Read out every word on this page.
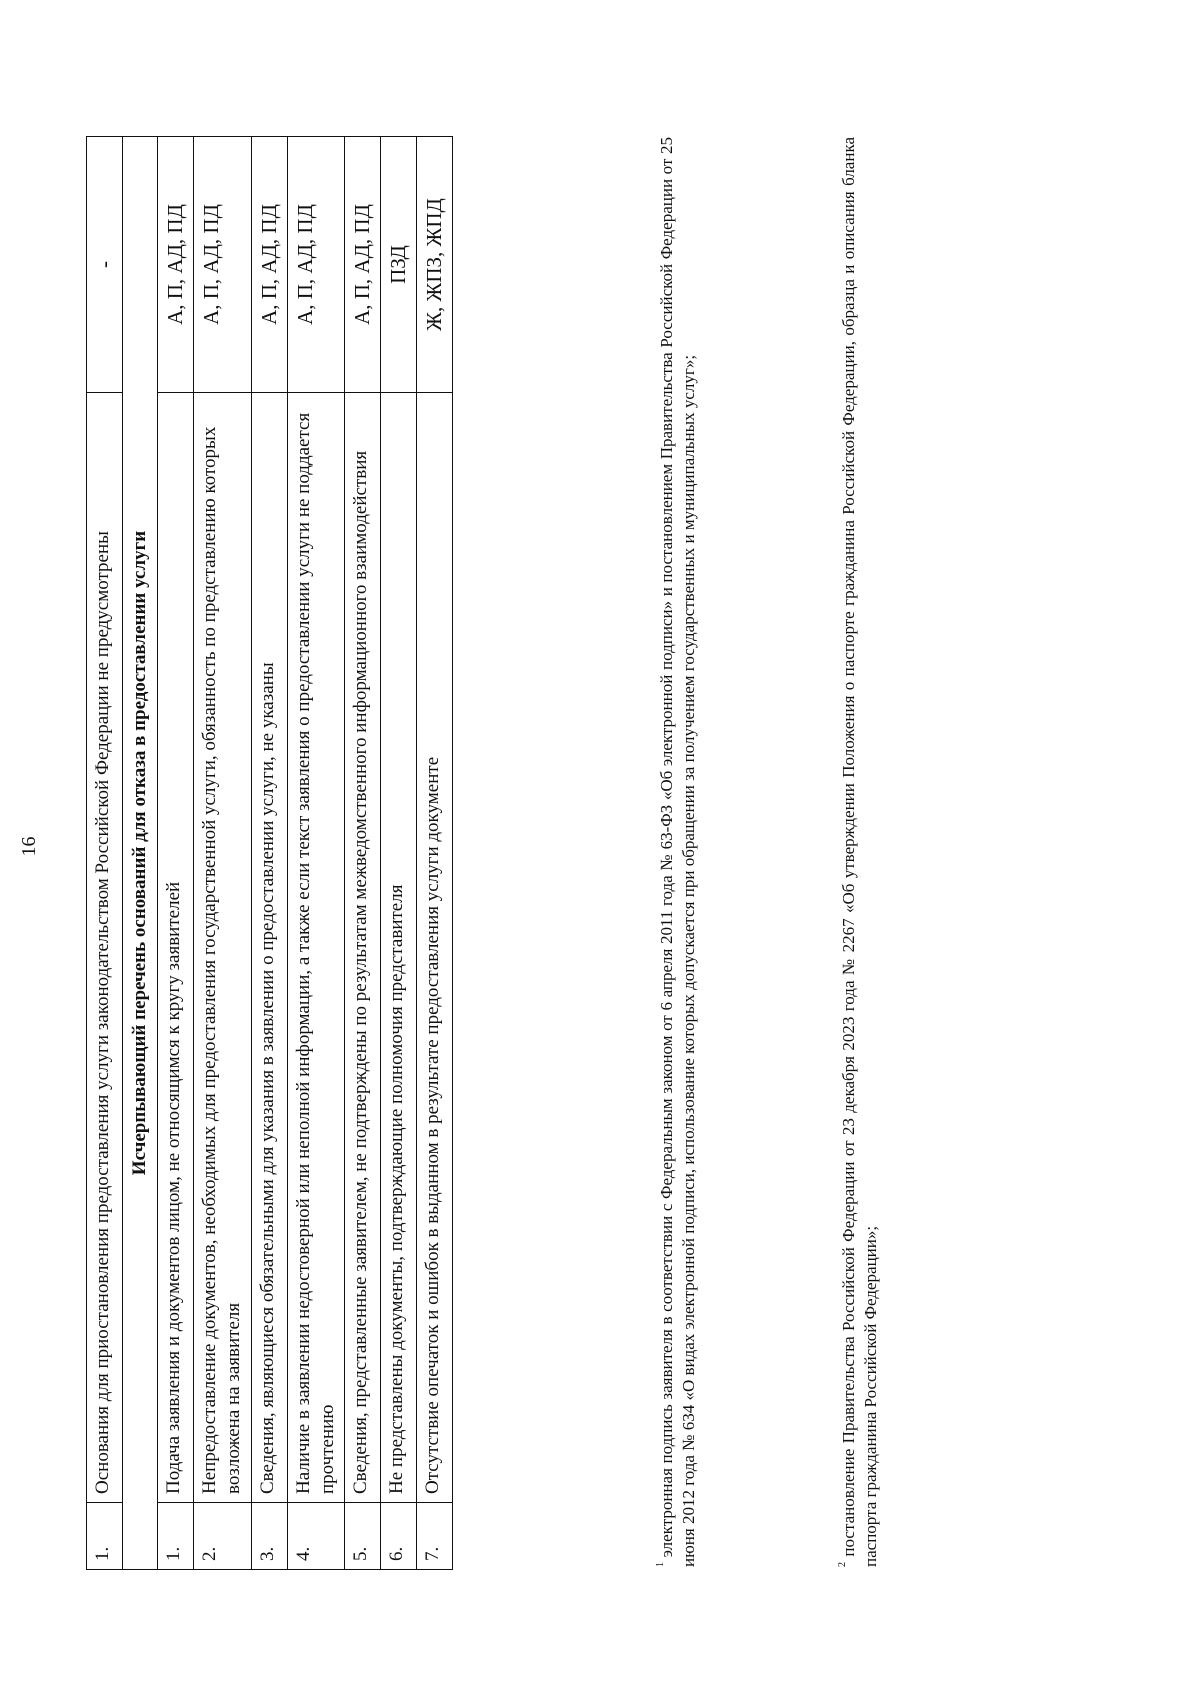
16
1.	Основания для приостановления предоставления услуги законодательством Российской Федерации не предусмотрены	-
Исчерпывающий перечень оснований для отказа в предоставлении услуги		
1.	Подача заявления и документов лицом, не относящимся к кругу заявителей	А, П, АД, ПД
2.	Непредоставление документов, необходимых для предоставления государственной услуги, обязанность по представлению которых возложена на заявителя	А, П, АД, ПД
3.	Сведения, являющиеся обязательными для указания в заявлении о предоставлении услуги, не указаны	А, П, АД, ПД
4.	Наличие в заявлении недостоверной или неполной информации, а также если текст заявления о предоставлении услуги не поддается прочтению	А, П, АД, ПД
5.	Сведения, представленные заявителем, не подтверждены по результатам межведомственного информационного взаимодействия	А, П, АД, ПД
6.	Не представлены документы, подтверждающие полномочия представителя	ПЗД
7.	Отсутствие опечаток и ошибок в выданном в результате предоставления услуги документе	Ж, ЖПЗ, ЖПД
$^1$ электронная подпись заявителя в соответствии с Федеральным законом от 6 апреля 2011 года № 63-ФЗ «Об электронной подписи» и постановлением Правительства Российской Федерации от 25 июня 2012 года № 634 «О видах электронной подписи, использование которых допускается при обращении за получением государственных и муниципальных услуг»;	$^2$ постановление Правительства Российской Федерации от 23 декабря 2023 года № 2267 «Об утверждении Положения о паспорте гражданина Российской Федерации, образца и описания бланка паспорта гражданина Российской Федерации»;
